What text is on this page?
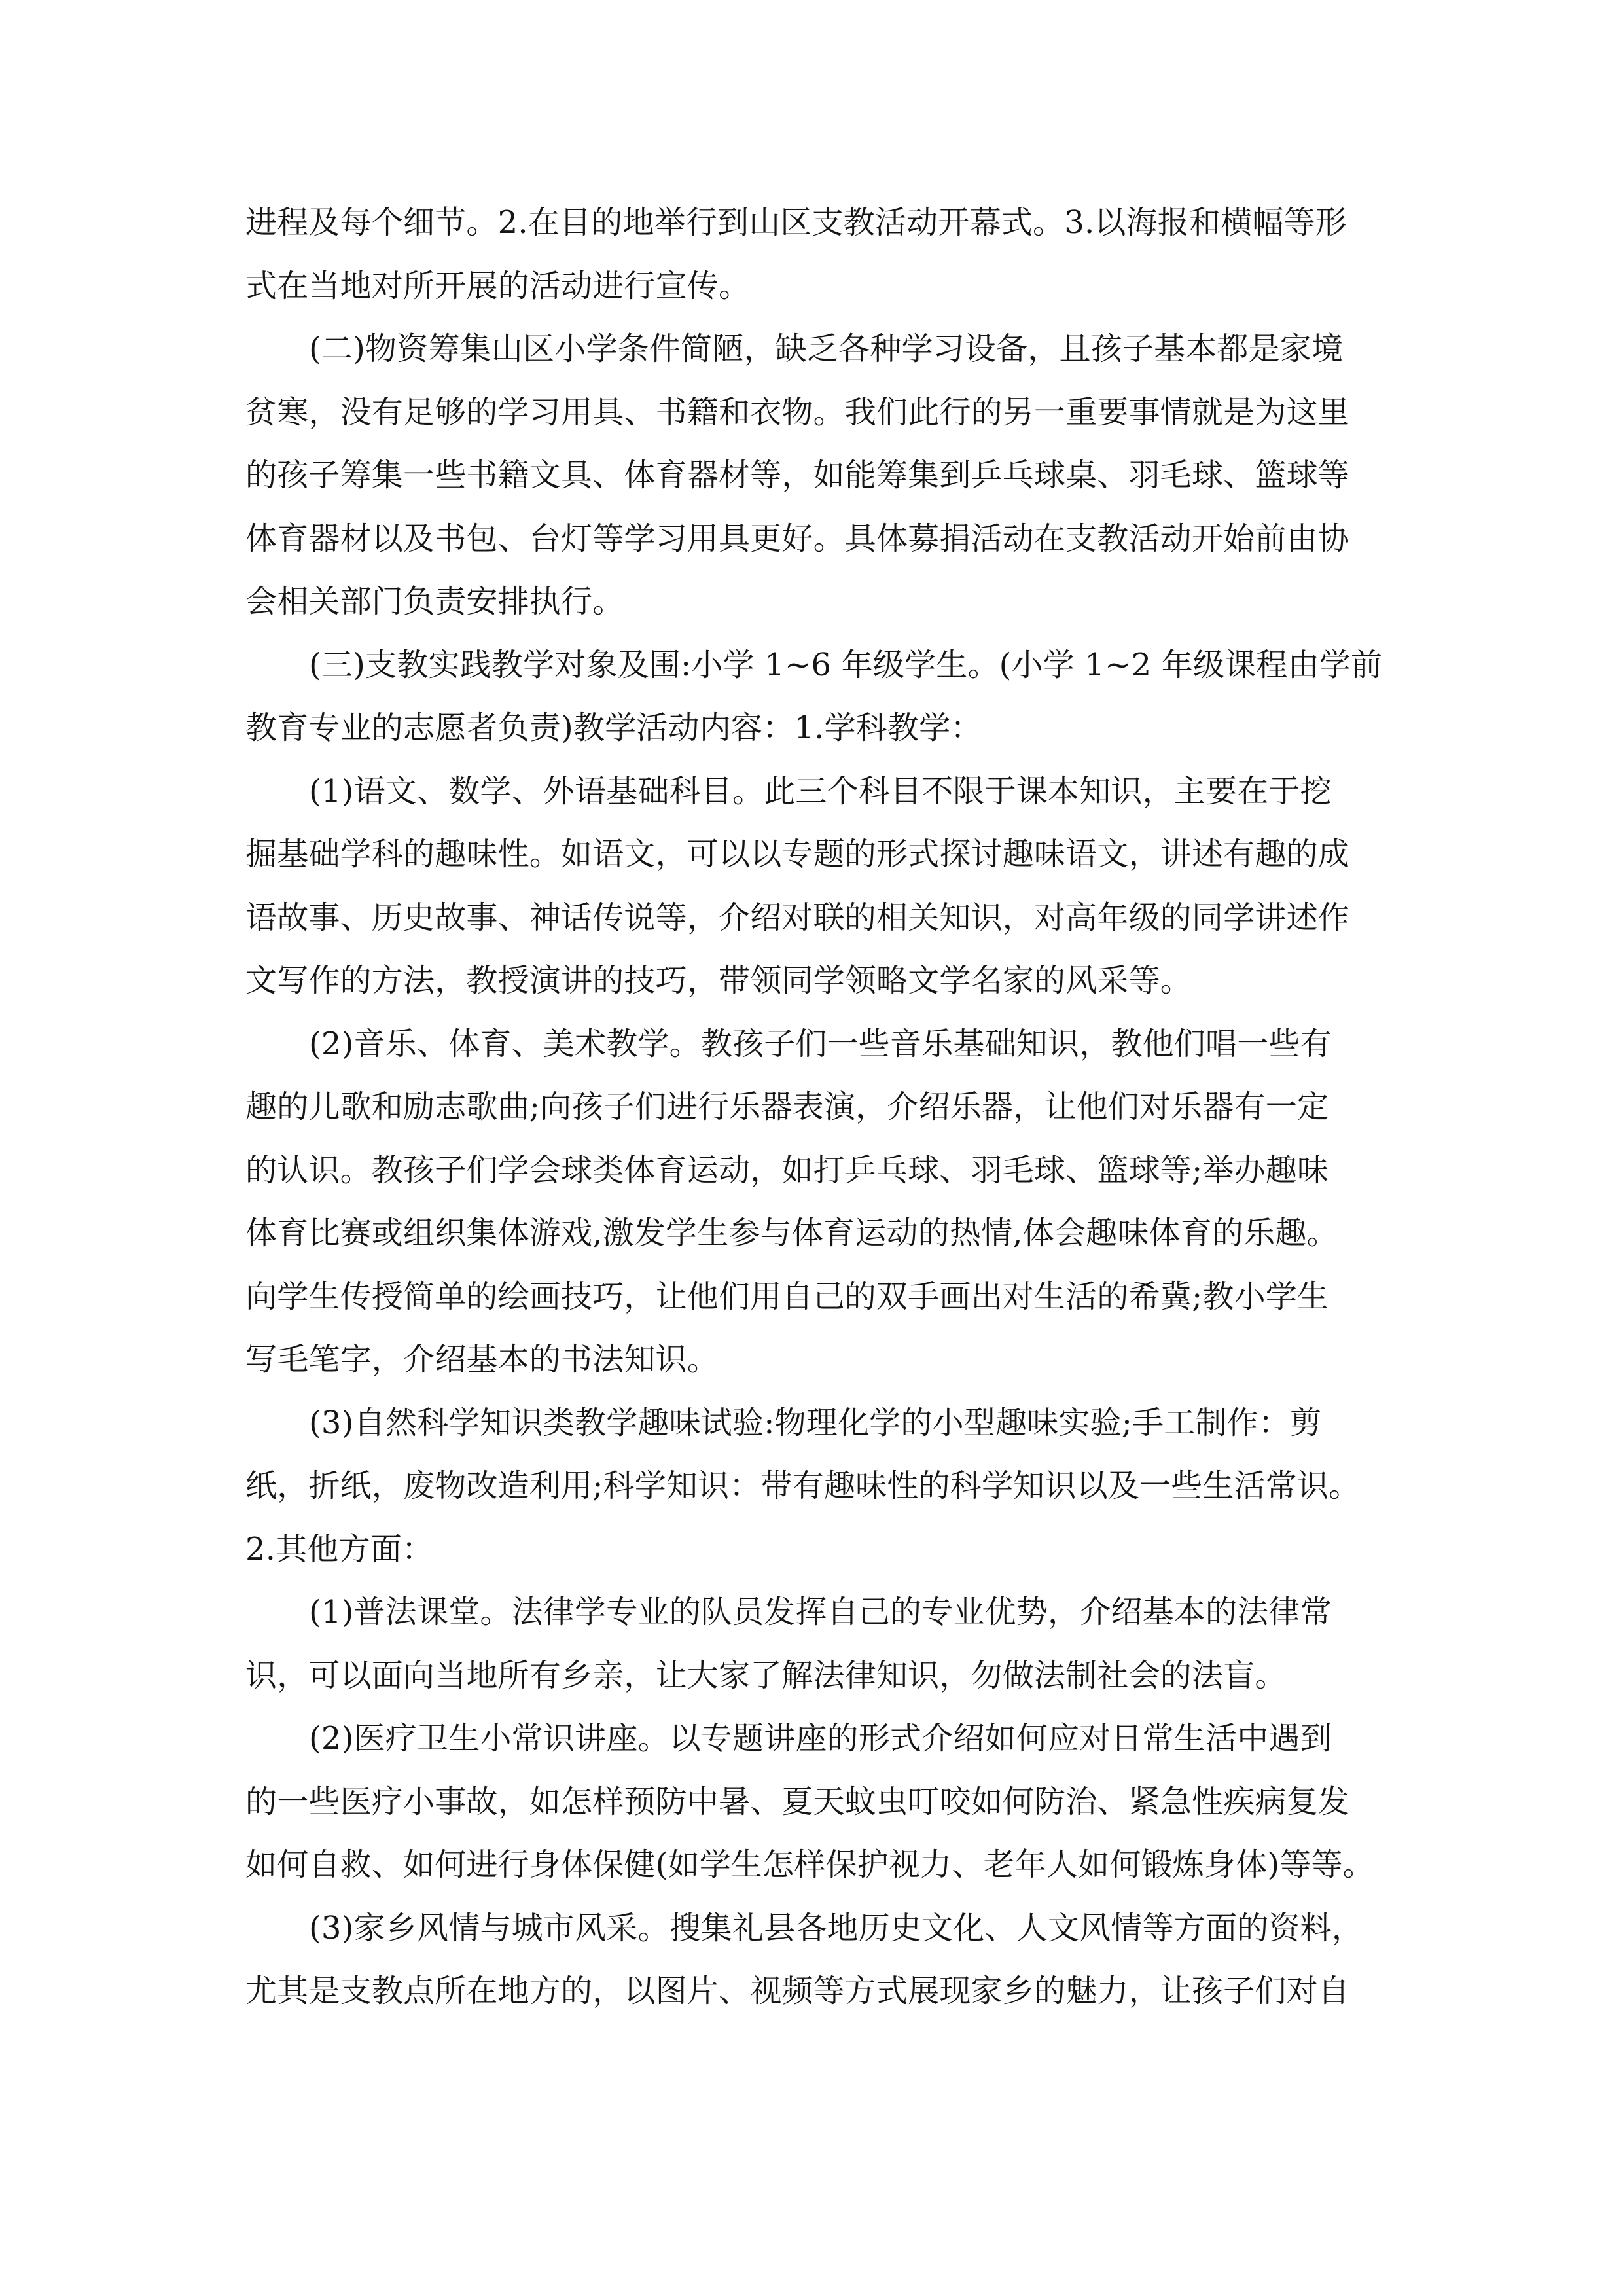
进程及每个细节。2.在目的地举行到山区支教活动开幕式。3.以海报和横幅等形
式在当地对所开展的活动进行宣传。
(二)物资筹集山区小学条件简陋，缺乏各种学习设备，且孩子基本都是家境
贫寒，没有足够的学习用具、书籍和衣物。我们此行的另一重要事情就是为这里
的孩子筹集一些书籍文具、体育器材等，如能筹集到乒乓球桌、羽毛球、篮球等
体育器材以及书包、台灯等学习用具更好。具体募捐活动在支教活动开始前由协
会相关部门负责安排执行。
(三)支教实践教学对象及围:小学 1~6 年级学生。(小学 1~2 年级课程由学前
教育专业的志愿者负责)教学活动内容：1.学科教学：
(1)语文、数学、外语基础科目。此三个科目不限于课本知识，主要在于挖
掘基础学科的趣味性。如语文，可以以专题的形式探讨趣味语文，讲述有趣的成
语故事、历史故事、神话传说等，介绍对联的相关知识，对高年级的同学讲述作
文写作的方法，教授演讲的技巧，带领同学领略文学名家的风采等。
(2)音乐、体育、美术教学。教孩子们一些音乐基础知识，教他们唱一些有
趣的儿歌和励志歌曲;向孩子们进行乐器表演，介绍乐器，让他们对乐器有一定
的认识。教孩子们学会球类体育运动，如打乒乓球、羽毛球、篮球等;举办趣味
体育比赛或组织集体游戏,激发学生参与体育运动的热情,体会趣味体育的乐趣。
向学生传授简单的绘画技巧，让他们用自己的双手画出对生活的希冀;教小学生
写毛笔字，介绍基本的书法知识。
(3)自然科学知识类教学趣味试验:物理化学的小型趣味实验;手工制作：剪
纸，折纸，废物改造利用;科学知识：带有趣味性的科学知识以及一些生活常识。
2.其他方面：
(1)普法课堂。法律学专业的队员发挥自己的专业优势，介绍基本的法律常
识，可以面向当地所有乡亲，让大家了解法律知识，勿做法制社会的法盲。
(2)医疗卫生小常识讲座。以专题讲座的形式介绍如何应对日常生活中遇到
的一些医疗小事故，如怎样预防中暑、夏天蚊虫叮咬如何防治、紧急性疾病复发
如何自救、如何进行身体保健(如学生怎样保护视力、老年人如何锻炼身体)等等。
(3)家乡风情与城市风采。搜集礼县各地历史文化、人文风情等方面的资料，
尤其是支教点所在地方的，以图片、视频等方式展现家乡的魅力，让孩子们对自
